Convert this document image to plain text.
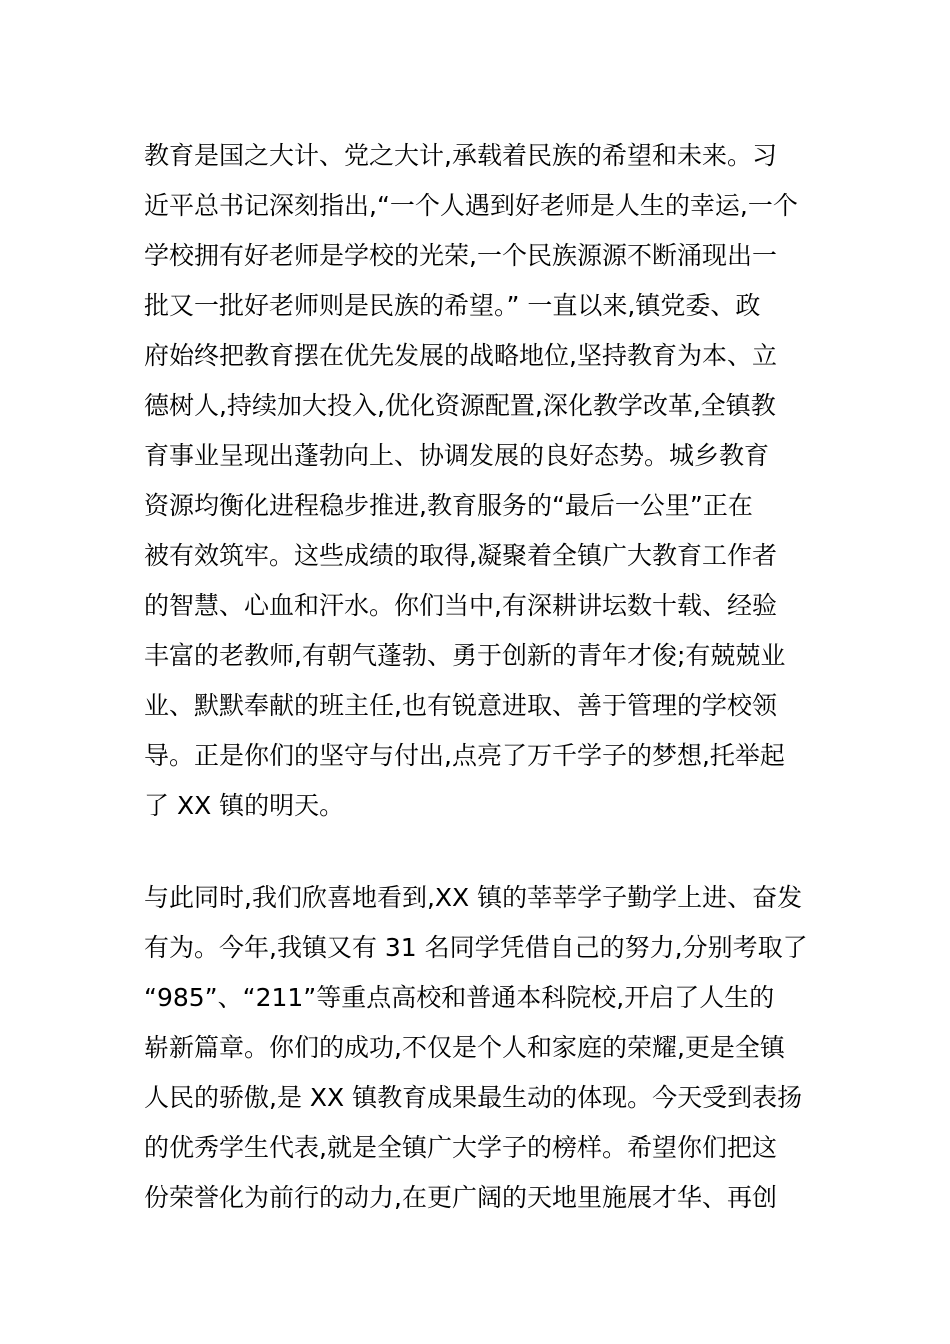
教育是国之大计、党之大计,承载着民族的希望和未来。习
近平总书记深刻指出,“一个人遇到好老师是人生的幸运,一个
学校拥有好老师是学校的光荣,一个民族源源不断涌现出一
批又一批好老师则是民族的希望。” 一直以来,镇党委、政
府始终把教育摆在优先发展的战略地位,坚持教育为本、立
德树人,持续加大投入,优化资源配置,深化教学改革,全镇教
育事业呈现出蓬勃向上、协调发展的良好态势。城乡教育
资源均衡化进程稳步推进,教育服务的“最后一公里”正在
被有效筑牢。这些成绩的取得,凝聚着全镇广大教育工作者
的智慧、心血和汗水。你们当中,有深耕讲坛数十载、经验
丰富的老教师,有朝气蓬勃、勇于创新的青年才俊;有兢兢业
业、默默奉献的班主任,也有锐意进取、善于管理的学校领
导。正是你们的坚守与付出,点亮了万千学子的梦想,托举起
了 XX 镇的明天。

与此同时,我们欣喜地看到,XX 镇的莘莘学子勤学上进、奋发
有为。今年,我镇又有 31 名同学凭借自己的努力,分别考取了
“985”、“211”等重点高校和普通本科院校,开启了人生的
崭新篇章。你们的成功,不仅是个人和家庭的荣耀,更是全镇
人民的骄傲,是 XX 镇教育成果最生动的体现。今天受到表扬
的优秀学生代表,就是全镇广大学子的榜样。希望你们把这
份荣誉化为前行的动力,在更广阔的天地里施展才华、再创
